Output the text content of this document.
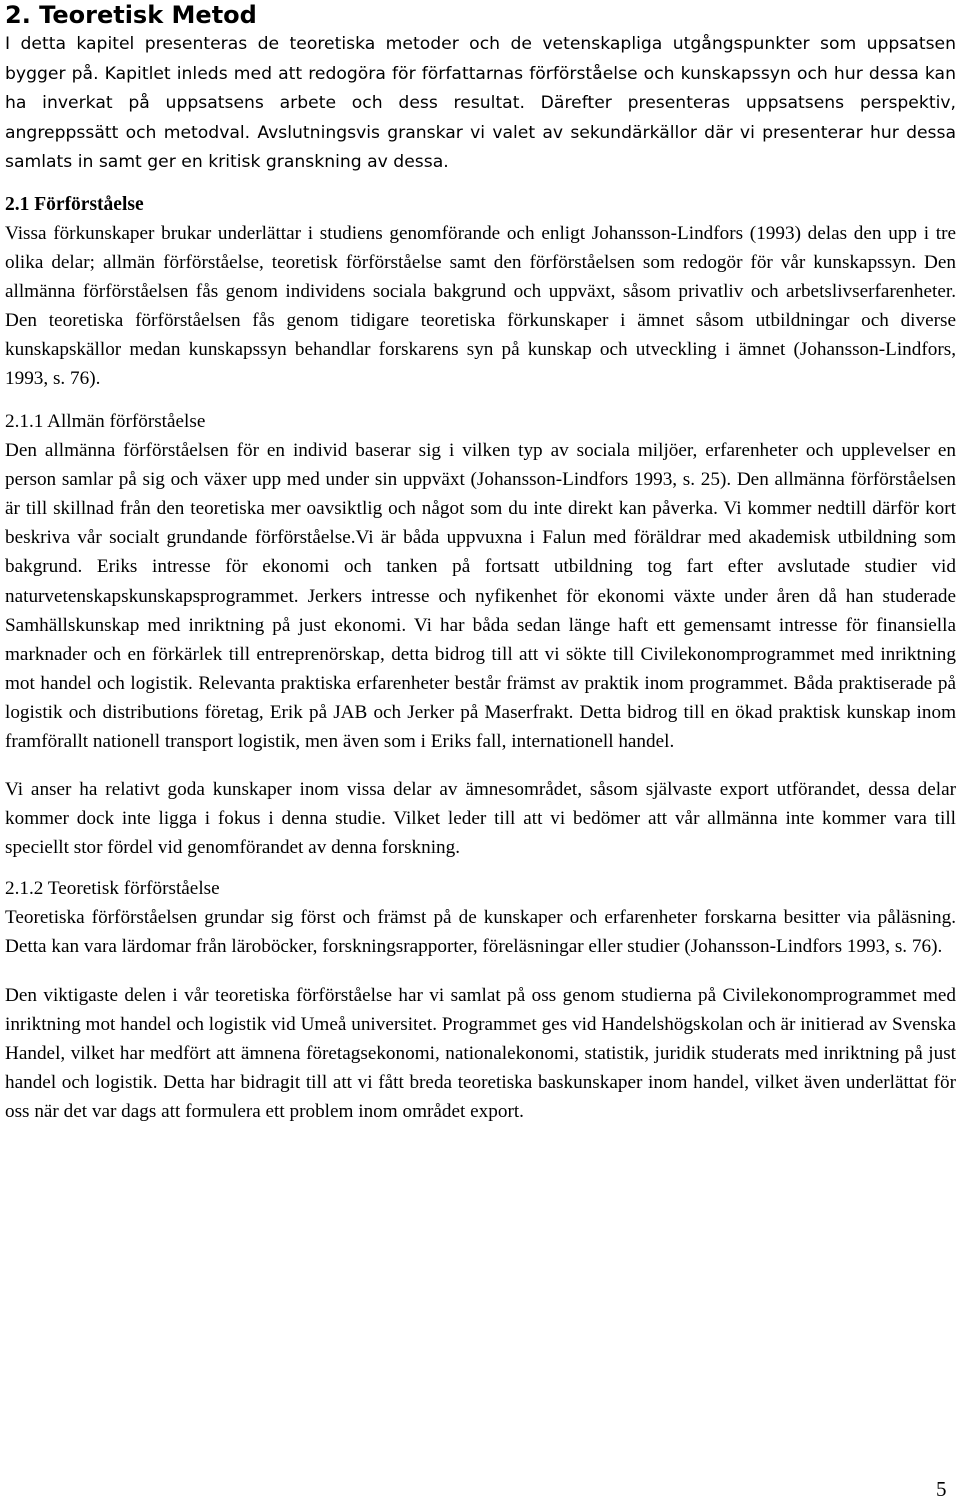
2. Teoretisk Metod

I detta kapitel presenteras de teoretiska metoder och de vetenskapliga utgångspunkter som uppsatsen bygger på. Kapitlet inleds med att redogöra för författarnas förförståelse och kunskapssyn och hur dessa kan ha inverkat på uppsatsens arbete och dess resultat. Därefter presenteras uppsatsens perspektiv, angreppssätt och metodval. Avslutningsvis granskar vi valet av sekundärkällor där vi presenterar hur dessa samlats in samt ger en kritisk granskning av dessa.

2.1 Förförståelse

Vissa förkunskaper brukar underlättar i studiens genomförande och enligt Johansson-Lindfors (1993) delas den upp i tre olika delar; allmän förförståelse, teoretisk förförståelse samt den förförståelsen som redogör för vår kunskapssyn. Den allmänna förförståelsen fås genom individens sociala bakgrund och uppväxt, såsom privatliv och arbetslivserfarenheter. Den teoretiska förförståelsen fås genom tidigare teoretiska förkunskaper i ämnet såsom utbildningar och diverse kunskapskällor medan kunskapssyn behandlar forskarens syn på kunskap och utveckling i ämnet (Johansson-Lindfors, 1993, s. 76).

2.1.1 Allmän förförståelse

Den allmänna förförståelsen för en individ baserar sig i vilken typ av sociala miljöer, erfarenheter och upplevelser en person samlar på sig och växer upp med under sin uppväxt (Johansson-Lindfors 1993, s. 25). Den allmänna förförståelsen är till skillnad från den teoretiska mer oavsiktlig och något som du inte direkt kan påverka. Vi kommer nedtill därför kort beskriva vår socialt grundande förförståelse.Vi är båda uppvuxna i Falun med föräldrar med akademisk utbildning som bakgrund. Eriks intresse för ekonomi och tanken på fortsatt utbildning tog fart efter avslutade studier vid naturvetenskapskunskapsprogrammet. Jerkers intresse och nyfikenhet för ekonomi växte under åren då han studerade Samhällskunskap med inriktning på just ekonomi. Vi har båda sedan länge haft ett gemensamt intresse för finansiella marknader och en förkärlek till entreprenörskap, detta bidrog till att vi sökte till Civilekonomprogrammet med inriktning mot handel och logistik. Relevanta praktiska erfarenheter består främst av praktik inom programmet. Båda praktiserade på logistik och distributions företag, Erik på JAB och Jerker på Maserfrakt. Detta bidrog till en ökad praktisk kunskap inom framförallt nationell transport logistik, men även som i Eriks fall, internationell handel.

Vi anser ha relativt goda kunskaper inom vissa delar av ämnesområdet, såsom självaste export utförandet, dessa delar kommer dock inte ligga i fokus i denna studie. Vilket leder till att vi bedömer att vår allmänna inte kommer vara till speciellt stor fördel vid genomförandet av denna forskning.

2.1.2 Teoretisk förförståelse

Teoretiska förförståelsen grundar sig först och främst på de kunskaper och erfarenheter forskarna besitter via påläsning. Detta kan vara lärdomar från läroböcker, forskningsrapporter, föreläsningar eller studier (Johansson-Lindfors 1993, s. 76).

Den viktigaste delen i vår teoretiska förförståelse har vi samlat på oss genom studierna på Civilekonomprogrammet med inriktning mot handel och logistik vid Umeå universitet. Programmet ges vid Handelshögskolan och är initierad av Svenska Handel, vilket har medfört att ämnena företagsekonomi, nationalekonomi, statistik, juridik studerats med inriktning på just handel och logistik. Detta har bidragit till att vi fått breda teoretiska baskunskaper inom handel, vilket även underlättat för oss när det var dags att formulera ett problem inom området export.

5
